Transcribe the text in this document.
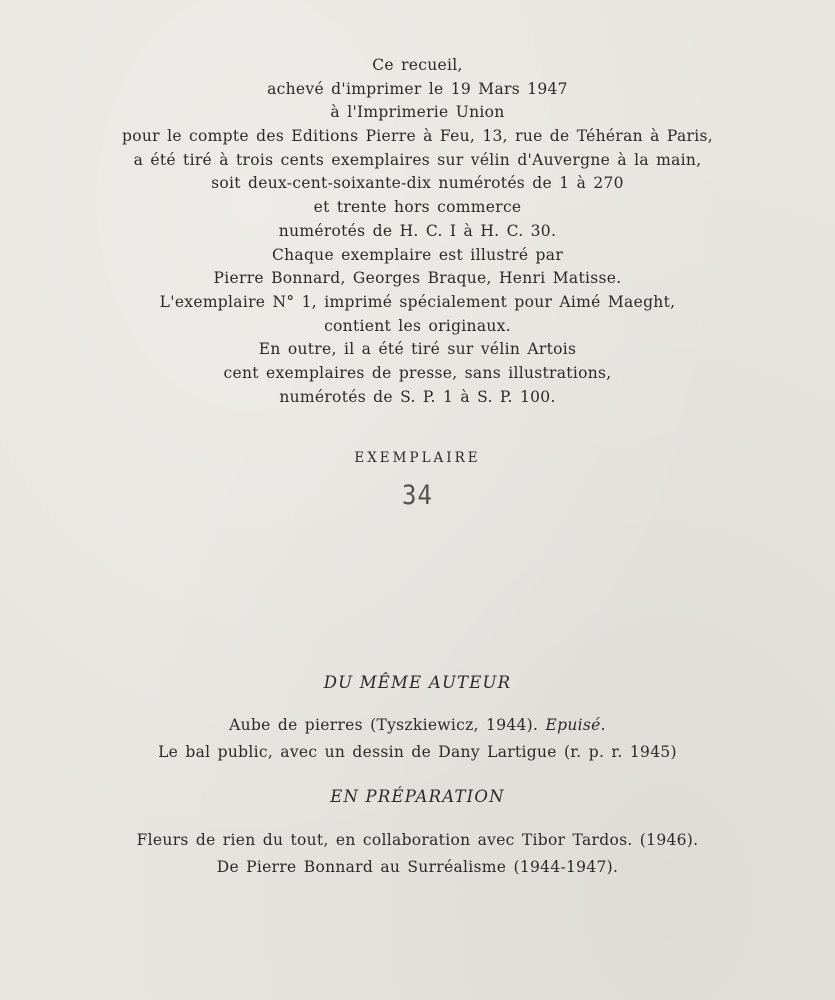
Ce recueil,
achevé d'imprimer le 19 Mars 1947
à l'Imprimerie Union
pour le compte des Editions Pierre à Feu, 13, rue de Téhéran à Paris,
a été tiré à trois cents exemplaires sur vélin d'Auvergne à la main,
soit deux-cent-soixante-dix numérotés de 1 à 270
et trente hors commerce
numérotés de H. C. I à H. C. 30.
Chaque exemplaire est illustré par
Pierre Bonnard, Georges Braque, Henri Matisse.
L'exemplaire N° 1, imprimé spécialement pour Aimé Maeght,
contient les originaux.
En outre, il a été tiré sur vélin Artois
cent exemplaires de presse, sans illustrations,
numérotés de S. P. 1 à S. P. 100.
EXEMPLAIRE
34
DU MÊME AUTEUR
Aube de pierres (Tyszkiewicz, 1944). Epuisé.
Le bal public, avec un dessin de Dany Lartigue (r. p. r. 1945)
EN PRÉPARATION
Fleurs de rien du tout, en collaboration avec Tibor Tardos. (1946).
De Pierre Bonnard au Surréalisme (1944-1947).
